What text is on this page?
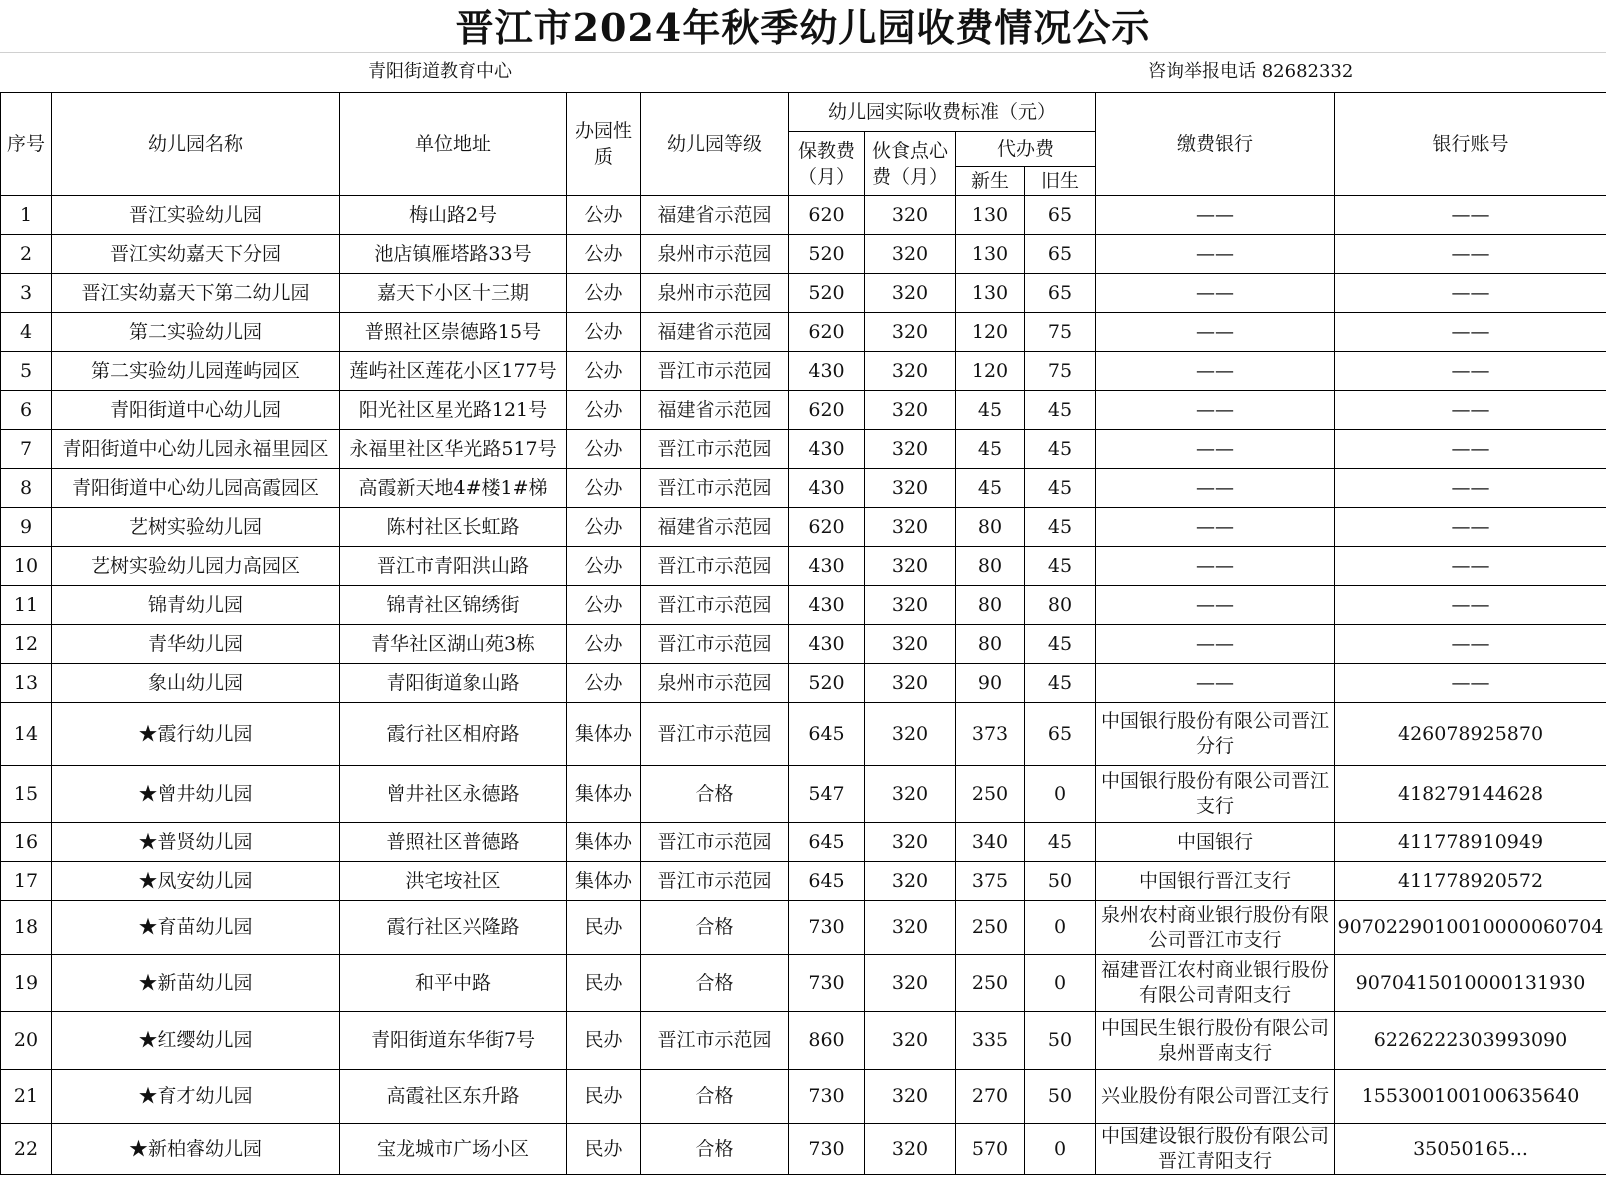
晋江市2024年秋季幼儿园收费情况公示
青阳街道教育中心	咨询举报电话 82682332
序号	幼儿园名称	单位地址	办园性质	幼儿园等级	幼儿园实际收费标准（元）				缴费银行	银行账号
					保教费（月）	伙食点心费（月）	代办费			
							新生	旧生		
1	晋江实验幼儿园	梅山路2号	公办	福建省示范园	620	320	130	65	——	——
2	晋江实幼嘉天下分园	池店镇雁塔路33号	公办	泉州市示范园	520	320	130	65	——	——
3	晋江实幼嘉天下第二幼儿园	嘉天下小区十三期	公办	泉州市示范园	520	320	130	65	——	——
4	第二实验幼儿园	普照社区崇德路15号	公办	福建省示范园	620	320	120	75	——	——
5	第二实验幼儿园莲屿园区	莲屿社区莲花小区177号	公办	晋江市示范园	430	320	120	75	——	——
6	青阳街道中心幼儿园	阳光社区星光路121号	公办	福建省示范园	620	320	45	45	——	——
7	青阳街道中心幼儿园永福里园区	永福里社区华光路517号	公办	晋江市示范园	430	320	45	45	——	——
8	青阳街道中心幼儿园高霞园区	高霞新天地4#楼1#梯	公办	晋江市示范园	430	320	45	45	——	——
9	艺树实验幼儿园	陈村社区长虹路	公办	福建省示范园	620	320	80	45	——	——
10	艺树实验幼儿园力高园区	晋江市青阳洪山路	公办	晋江市示范园	430	320	80	45	——	——
11	锦青幼儿园	锦青社区锦绣街	公办	晋江市示范园	430	320	80	80	——	——
12	青华幼儿园	青华社区湖山苑3栋	公办	晋江市示范园	430	320	80	45	——	——
13	象山幼儿园	青阳街道象山路	公办	泉州市示范园	520	320	90	45	——	——
14	★霞行幼儿园	霞行社区相府路	集体办	晋江市示范园	645	320	373	65	中国银行股份有限公司晋江分行	426078925870
15	★曾井幼儿园	曾井社区永德路	集体办	合格	547	320	250	0	中国银行股份有限公司晋江支行	418279144628
16	★普贤幼儿园	普照社区普德路	集体办	晋江市示范园	645	320	340	45	中国银行	411778910949
17	★凤安幼儿园	洪宅垵社区	集体办	晋江市示范园	645	320	375	50	中国银行晋江支行	411778920572
18	★育苗幼儿园	霞行社区兴隆路	民办	合格	730	320	250	0	泉州农村商业银行股份有限公司晋江市支行	9070229010010000060704
19	★新苗幼儿园	和平中路	民办	合格	730	320	250	0	福建晋江农村商业银行股份有限公司青阳支行	9070415010000131930
20	★红缨幼儿园	青阳街道东华街7号	民办	晋江市示范园	860	320	335	50	中国民生银行股份有限公司泉州晋南支行	6226222303993090
21	★育才幼儿园	高霞社区东升路	民办	合格	730	320	270	50	兴业股份有限公司晋江支行	155300100100635640
22	★新柏睿幼儿园	宝龙城市广场小区	民办	合格	730	320	570	0	中国建设银行股份有限公司晋江青阳支行	35050165...
